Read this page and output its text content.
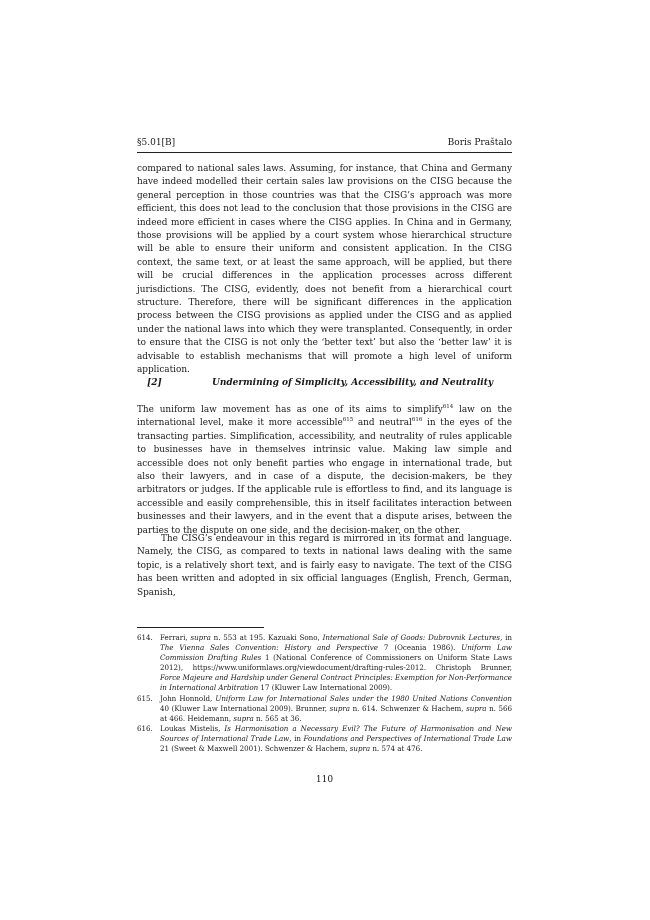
§5.01[B]	Boris Praštalo

compared to national sales laws. Assuming, for instance, that China and Germany have indeed modelled their certain sales law provisions on the CISG because the general perception in those countries was that the CISG’s approach was more efficient, this does not lead to the conclusion that those provisions in the CISG are indeed more efficient in cases where the CISG applies. In China and in Germany, those provisions will be applied by a court system whose hierarchical structure will be able to ensure their uniform and consistent application. In the CISG context, the same text, or at least the same approach, will be applied, but there will be crucial differences in the application processes across different jurisdictions. The CISG, evidently, does not benefit from a hierarchical court structure. Therefore, there will be significant differences in the application process between the CISG provisions as applied under the CISG and as applied under the national laws into which they were transplanted. Consequently, in order to ensure that the CISG is not only the ‘better text’ but also the ‘better law’ it is advisable to establish mechanisms that will promote a high level of uniform application.

[2]	Undermining of Simplicity, Accessibility, and Neutrality

The uniform law movement has as one of its aims to simplify$^{614}$ law on the international level, make it more accessible$^{615}$ and neutral$^{616}$ in the eyes of the transacting parties. Simplification, accessibility, and neutrality of rules applicable to businesses have in themselves intrinsic value. Making law simple and accessible does not only benefit parties who engage in international trade, but also their lawyers, and in case of a dispute, the decision-makers, be they arbitrators or judges. If the applicable rule is effortless to find, and its language is accessible and easily comprehensible, this in itself facilitates interaction between businesses and their lawyers, and in the event that a dispute arises, between the parties to the dispute on one side, and the decision-maker, on the other.

The CISG’s endeavour in this regard is mirrored in its format and language. Namely, the CISG, as compared to texts in national laws dealing with the same topic, is a relatively short text, and is fairly easy to navigate. The text of the CISG has been written and adopted in six official languages (English, French, German, Spanish,

614. Ferrari, supra n. 553 at 195. Kazuaki Sono, International Sale of Goods: Dubrovnik Lectures, in The Vienna Sales Convention: History and Perspective 7 (Oceania 1986). Uniform Law Commission Drafting Rules 1 (National Conference of Commissioners on Uniform State Laws 2012), https://www.uniformlaws.org/viewdocument/drafting-rules-2012. Christoph Brunner, Force Majeure and Hardship under General Contract Principles: Exemption for Non-Performance in International Arbitration 17 (Kluwer Law International 2009).

615. John Honnold, Uniform Law for International Sales under the 1980 United Nations Convention 40 (Kluwer Law International 2009). Brunner, supra n. 614. Schwenzer & Hachem, supra n. 566 at 466. Heidemann, supra n. 565 at 36.

616. Loukas Mistelis, Is Harmonisation a Necessary Evil? The Future of Harmonisation and New Sources of International Trade Law, in Foundations and Perspectives of International Trade Law 21 (Sweet & Maxwell 2001). Schwenzer & Hachem, supra n. 574 at 476.

110
